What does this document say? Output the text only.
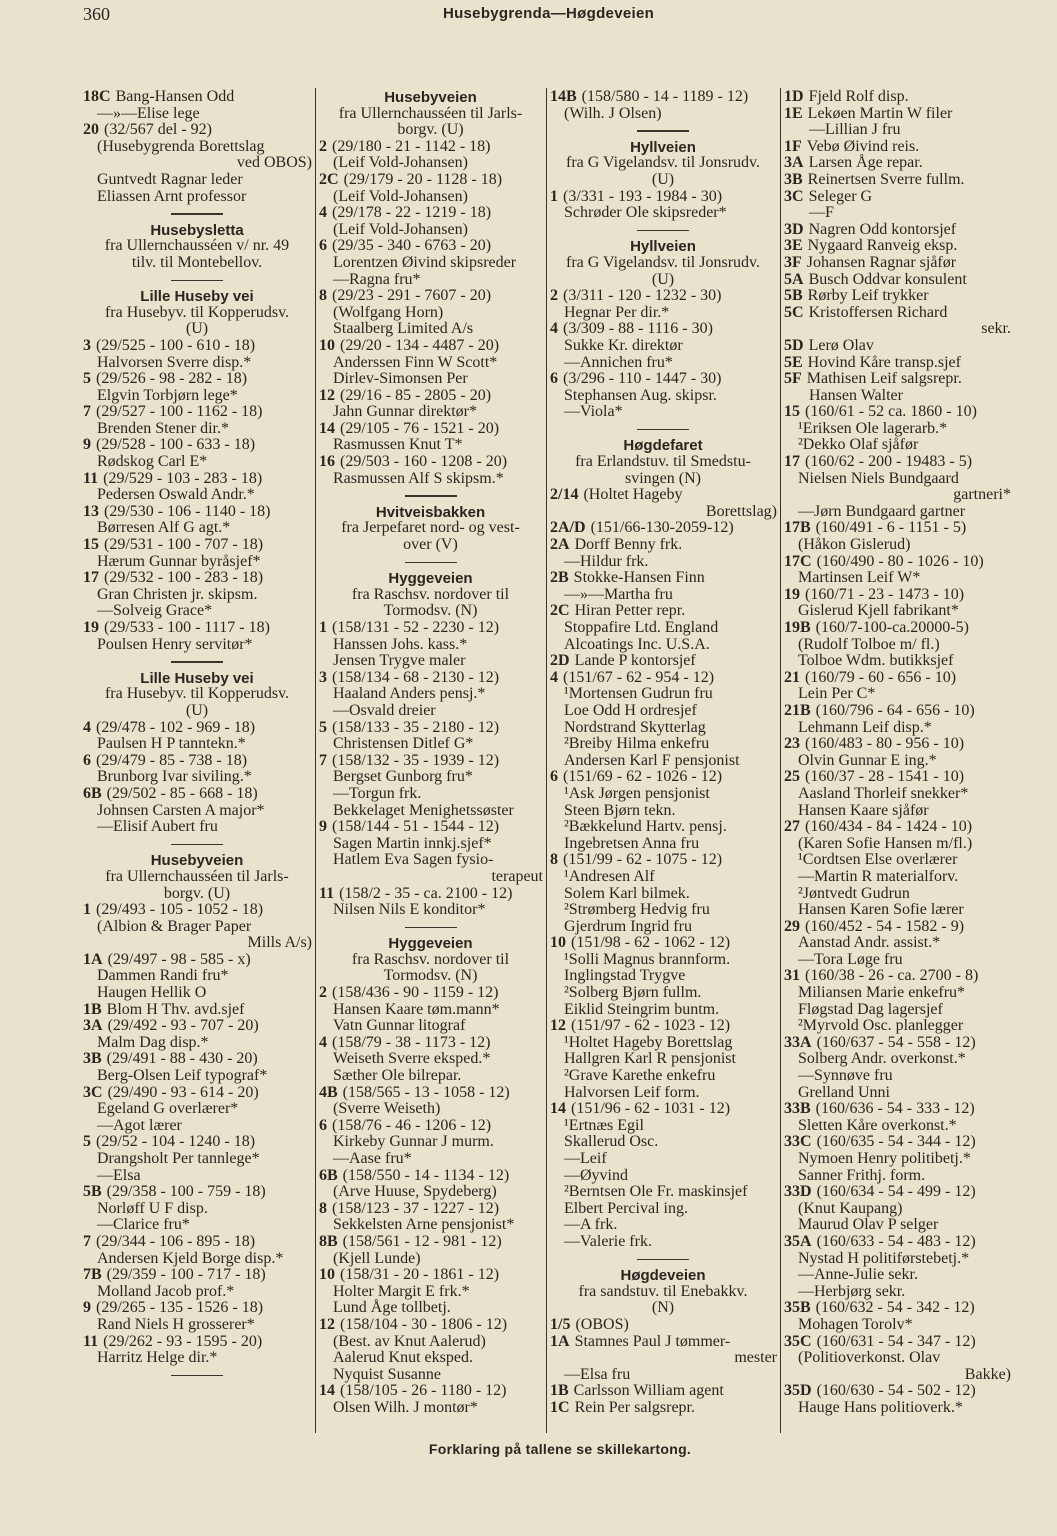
360	Husebygrenda—Høgdeveien
18C Bang-Hansen Odd
—»—Elise lege
20 (32/567 del - 92)
(Husebygrenda Borettslag
ved OBOS)
Guntvedt Ragnar leder
Eliassen Arnt professor
Husebysletta
fra Ullernchausséen v/ nr. 49
tilv. til Montebellov.
Lille Huseby vei
fra Husebyv. til Kopperudsv.
(U)
3 (29/525 - 100 - 610 - 18)
Halvorsen Sverre disp.*
5 (29/526 - 98 - 282 - 18)
Elgvin Torbjørn lege*
7 (29/527 - 100 - 1162 - 18)
Brenden Stener dir.*
9 (29/528 - 100 - 633 - 18)
Rødskog Carl E*
11 (29/529 - 103 - 283 - 18)
Pedersen Oswald Andr.*
13 (29/530 - 106 - 1140 - 18)
Børresen Alf G agt.*
15 (29/531 - 100 - 707 - 18)
Hærum Gunnar byråsjef*
17 (29/532 - 100 - 283 - 18)
Gran Christen jr. skipsm.
—Solveig Grace*
19 (29/533 - 100 - 1117 - 18)
Poulsen Henry servitør*
Lille Huseby vei
fra Husebyv. til Kopperudsv.
(U)
4 (29/478 - 102 - 969 - 18)
Paulsen H P tanntekn.*
6 (29/479 - 85 - 738 - 18)
Brunborg Ivar siviling.*
6B (29/502 - 85 - 668 - 18)
Johnsen Carsten A major*
—Elisif Aubert fru
Husebyveien
fra Ullernchausséen til Jarls-
borgv. (U)
1 (29/493 - 105 - 1052 - 18)
(Albion & Brager Paper
Mills A/s)
1A (29/497 - 98 - 585 - x)
Dammen Randi fru*
Haugen Hellik O
1B Blom H Thv. avd.sjef
3A (29/492 - 93 - 707 - 20)
Malm Dag disp.*
3B (29/491 - 88 - 430 - 20)
Berg-Olsen Leif typograf*
3C (29/490 - 93 - 614 - 20)
Egeland G overlærer*
—Agot lærer
5 (29/52 - 104 - 1240 - 18)
Drangsholt Per tannlege*
—Elsa
5B (29/358 - 100 - 759 - 18)
Norløff U F disp.
—Clarice fru*
7 (29/344 - 106 - 895 - 18)
Andersen Kjeld Borge disp.*
7B (29/359 - 100 - 717 - 18)
Molland Jacob prof.*
9 (29/265 - 135 - 1526 - 18)
Rand Niels H grosserer*
11 (29/262 - 93 - 1595 - 20)
Harritz Helge dir.*
Husebyveien
fra Ullernchausséen til Jarls-
borgv. (U)
2 (29/180 - 21 - 1142 - 18)
(Leif Vold-Johansen)
2C (29/179 - 20 - 1128 - 18)
(Leif Vold-Johansen)
4 (29/178 - 22 - 1219 - 18)
(Leif Vold-Johansen)
6 (29/35 - 340 - 6763 - 20)
Lorentzen Øivind skipsreder
—Ragna fru*
8 (29/23 - 291 - 7607 - 20)
(Wolfgang Horn)
Staalberg Limited A/s
10 (29/20 - 134 - 4487 - 20)
Anderssen Finn W Scott*
Dirlev-Simonsen Per
12 (29/16 - 85 - 2805 - 20)
Jahn Gunnar direktør*
14 (29/105 - 76 - 1521 - 20)
Rasmussen Knut T*
16 (29/503 - 160 - 1208 - 20)
Rasmussen Alf S skipsm.*
Hvitveisbakken
fra Jerpefaret nord- og vest-
over (V)
Hyggeveien
fra Raschsv. nordover til
Tormodsv. (N)
1 (158/131 - 52 - 2230 - 12)
Hanssen Johs. kass.*
Jensen Trygve maler
3 (158/134 - 68 - 2130 - 12)
Haaland Anders pensj.*
—Osvald dreier
5 (158/133 - 35 - 2180 - 12)
Christensen Ditlef G*
7 (158/132 - 35 - 1939 - 12)
Bergset Gunborg fru*
—Torgun frk.
Bekkelaget Menighetssøster
9 (158/144 - 51 - 1544 - 12)
Sagen Martin innkj.sjef*
Hatlem Eva Sagen fysio-
terapeut
11 (158/2 - 35 - ca. 2100 - 12)
Nilsen Nils E konditor*
Hyggeveien
fra Raschsv. nordover til
Tormodsv. (N)
2 (158/436 - 90 - 1159 - 12)
Hansen Kaare tøm.mann*
Vatn Gunnar litograf
4 (158/79 - 38 - 1173 - 12)
Weiseth Sverre eksped.*
Sæther Ole bilrepar.
4B (158/565 - 13 - 1058 - 12)
(Sverre Weiseth)
6 (158/76 - 46 - 1206 - 12)
Kirkeby Gunnar J murm.
—Aase fru*
6B (158/550 - 14 - 1134 - 12)
(Arve Huuse, Spydeberg)
8 (158/123 - 37 - 1227 - 12)
Sekkelsten Arne pensjonist*
8B (158/561 - 12 - 981 - 12)
(Kjell Lunde)
10 (158/31 - 20 - 1861 - 12)
Holter Margit E frk.*
Lund Åge tollbetj.
12 (158/104 - 30 - 1806 - 12)
(Best. av Knut Aalerud)
Aalerud Knut eksped.
Nyquist Susanne
14 (158/105 - 26 - 1180 - 12)
Olsen Wilh. J montør*
14B (158/580 - 14 - 1189 - 12)
(Wilh. J Olsen)
Hyllveien
fra G Vigelandsv. til Jonsrudv.
(U)
1 (3/331 - 193 - 1984 - 30)
Schrøder Ole skipsreder*
Hyllveien
fra G Vigelandsv. til Jonsrudv.
(U)
2 (3/311 - 120 - 1232 - 30)
Hegnar Per dir.*
4 (3/309 - 88 - 1116 - 30)
Sukke Kr. direktør
—Annichen fru*
6 (3/296 - 110 - 1447 - 30)
Stephansen Aug. skipsr.
—Viola*
Høgdefaret
fra Erlandstuv. til Smedstu-
svingen (N)
2/14 (Holtet Hageby
Borettslag)
2A/D (151/66-130-2059-12)
2A Dorff Benny frk.
—Hildur frk.
2B Stokke-Hansen Finn
—»—Martha fru
2C Hiran Petter repr.
Stoppafire Ltd. England
Alcoatings Inc. U.S.A.
2D Lande P kontorsjef
4 (151/67 - 62 - 954 - 12)
¹Mortensen Gudrun fru
Loe Odd H ordresjef
Nordstrand Skytterlag
²Breiby Hilma enkefru
Andersen Karl F pensjonist
6 (151/69 - 62 - 1026 - 12)
¹Ask Jørgen pensjonist
Steen Bjørn tekn.
²Bækkelund Hartv. pensj.
Ingebretsen Anna fru
8 (151/99 - 62 - 1075 - 12)
¹Andresen Alf
Solem Karl bilmek.
²Strømberg Hedvig fru
Gjerdrum Ingrid fru
10 (151/98 - 62 - 1062 - 12)
¹Solli Magnus brannform.
Inglingstad Trygve
²Solberg Bjørn fullm.
Eiklid Steingrim buntm.
12 (151/97 - 62 - 1023 - 12)
¹Holtet Hageby Borettslag
Hallgren Karl R pensjonist
²Grave Karethe enkefru
Halvorsen Leif form.
14 (151/96 - 62 - 1031 - 12)
¹Ertnæs Egil
Skallerud Osc.
—Leif
—Øyvind
²Berntsen Ole Fr. maskinsjef
Elbert Percival ing.
—A frk.
—Valerie frk.
Høgdeveien
fra sandstuv. til Enebakkv.
(N)
1/5 (OBOS)
1A Stamnes Paul J tømmer-
mester
—Elsa fru
1B Carlsson William agent
1C Rein Per salgsrepr.
1D Fjeld Rolf disp.
1E Lekøen Martin W filer
—Lillian J fru
1F Vebø Øivind reis.
3A Larsen Åge repar.
3B Reinertsen Sverre fullm.
3C Seleger G
—F
3D Nagren Odd kontorsjef
3E Nygaard Ranveig eksp.
3F Johansen Ragnar sjåfør
5A Busch Oddvar konsulent
5B Rørby Leif trykker
5C Kristoffersen Richard
sekr.
5D Lerø Olav
5E Hovind Kåre transp.sjef
5F Mathisen Leif salgsrepr.
Hansen Walter
15 (160/61 - 52 ca. 1860 - 10)
¹Eriksen Ole lagerarb.*
²Dekko Olaf sjåfør
17 (160/62 - 200 - 19483 - 5)
Nielsen Niels Bundgaard
gartneri*
—Jørn Bundgaard gartner
17B (160/491 - 6 - 1151 - 5)
(Håkon Gislerud)
17C (160/490 - 80 - 1026 - 10)
Martinsen Leif W*
19 (160/71 - 23 - 1473 - 10)
Gislerud Kjell fabrikant*
19B (160/7-100-ca.20000-5)
(Rudolf Tolboe m/ fl.)
Tolboe Wdm. butikksjef
21 (160/79 - 60 - 656 - 10)
Lein Per C*
21B (160/796 - 64 - 656 - 10)
Lehmann Leif disp.*
23 (160/483 - 80 - 956 - 10)
Olvin Gunnar E ing.*
25 (160/37 - 28 - 1541 - 10)
Aasland Thorleif snekker*
Hansen Kaare sjåfør
27 (160/434 - 84 - 1424 - 10)
(Karen Sofie Hansen m/fl.)
¹Cordtsen Else overlærer
—Martin R materialforv.
²Jøntvedt Gudrun
Hansen Karen Sofie lærer
29 (160/452 - 54 - 1582 - 9)
Aanstad Andr. assist.*
—Tora Løge fru
31 (160/38 - 26 - ca. 2700 - 8)
Miliansen Marie enkefru*
Fløgstad Dag lagersjef
²Myrvold Osc. planlegger
33A (160/637 - 54 - 558 - 12)
Solberg Andr. overkonst.*
—Synnøve fru
Grelland Unni
33B (160/636 - 54 - 333 - 12)
Sletten Kåre overkonst.*
33C (160/635 - 54 - 344 - 12)
Nymoen Henry politibetj.*
Sanner Frithj. form.
33D (160/634 - 54 - 499 - 12)
(Knut Kaupang)
Maurud Olav P selger
35A (160/633 - 54 - 483 - 12)
Nystad H politiførstebetj.*
—Anne-Julie sekr.
—Herbjørg sekr.
35B (160/632 - 54 - 342 - 12)
Mohagen Torolv*
35C (160/631 - 54 - 347 - 12)
(Politioverkonst. Olav
Bakke)
35D (160/630 - 54 - 502 - 12)
Hauge Hans politioverk.*
Forklaring på tallene se skillekartong.
